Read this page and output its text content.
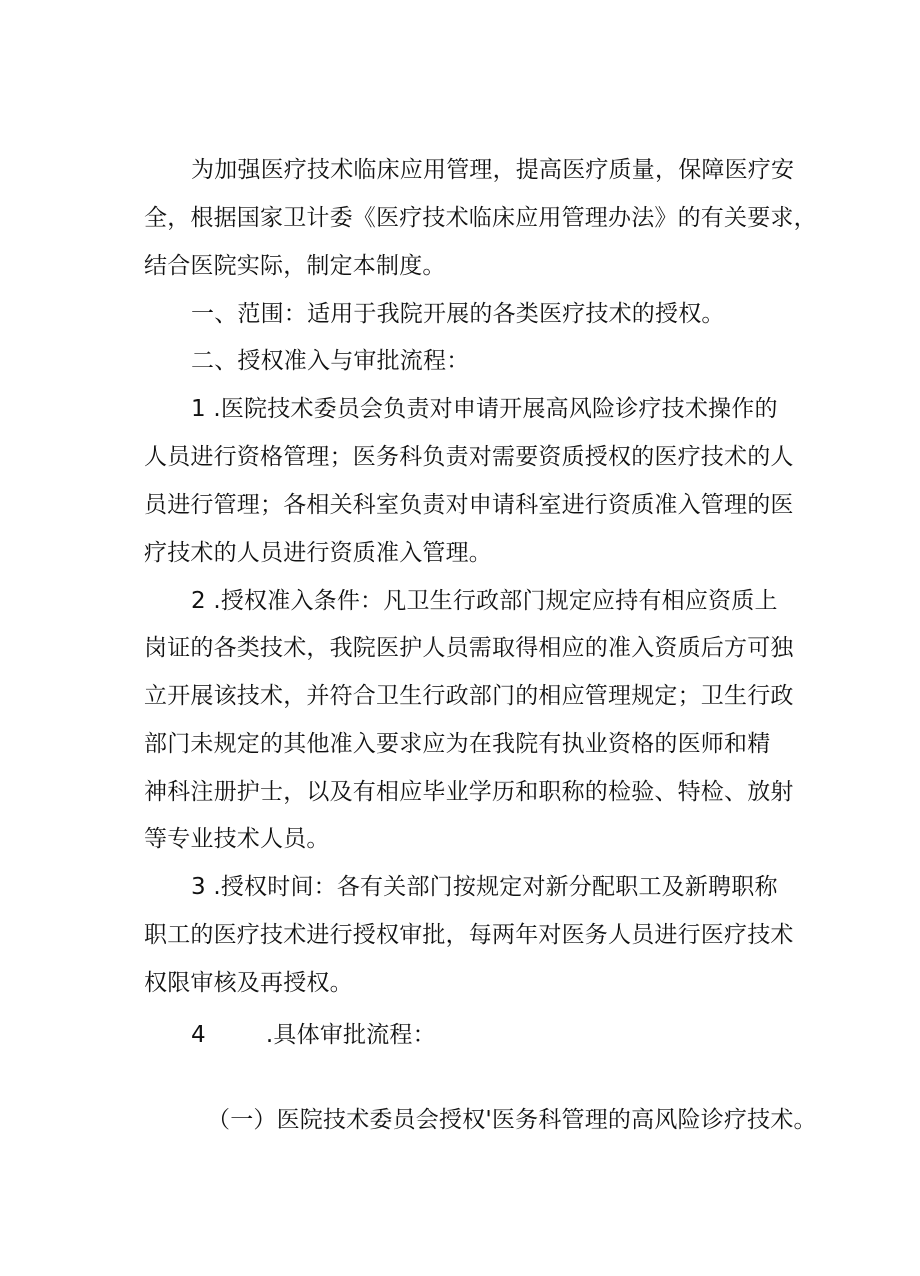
为加强医疗技术临床应用管理，提高医疗质量，保障医疗安
全，根据国家卫计委《医疗技术临床应用管理办法》的有关要求，
结合医院实际，制定本制度。
一、范围：适用于我院开展的各类医疗技术的授权。
二、授权准入与审批流程：
1 .医院技术委员会负责对申请开展高风险诊疗技术操作的
人员进行资格管理；医务科负责对需要资质授权的医疗技术的人
员进行管理；各相关科室负责对申请科室进行资质准入管理的医
疗技术的人员进行资质准入管理。
2 .授权准入条件：凡卫生行政部门规定应持有相应资质上
岗证的各类技术，我院医护人员需取得相应的准入资质后方可独
立开展该技术，并符合卫生行政部门的相应管理规定；卫生行政
部门未规定的其他准入要求应为在我院有执业资格的医师和精
神科注册护士，以及有相应毕业学历和职称的检验、特检、放射
等专业技术人员。
3 .授权时间：各有关部门按规定对新分配职工及新聘职称
职工的医疗技术进行授权审批，每两年对医务人员进行医疗技术
权限审核及再授权。
4        .具体审批流程：
（一）医院技术委员会授权'医务科管理的高风险诊疗技术。
